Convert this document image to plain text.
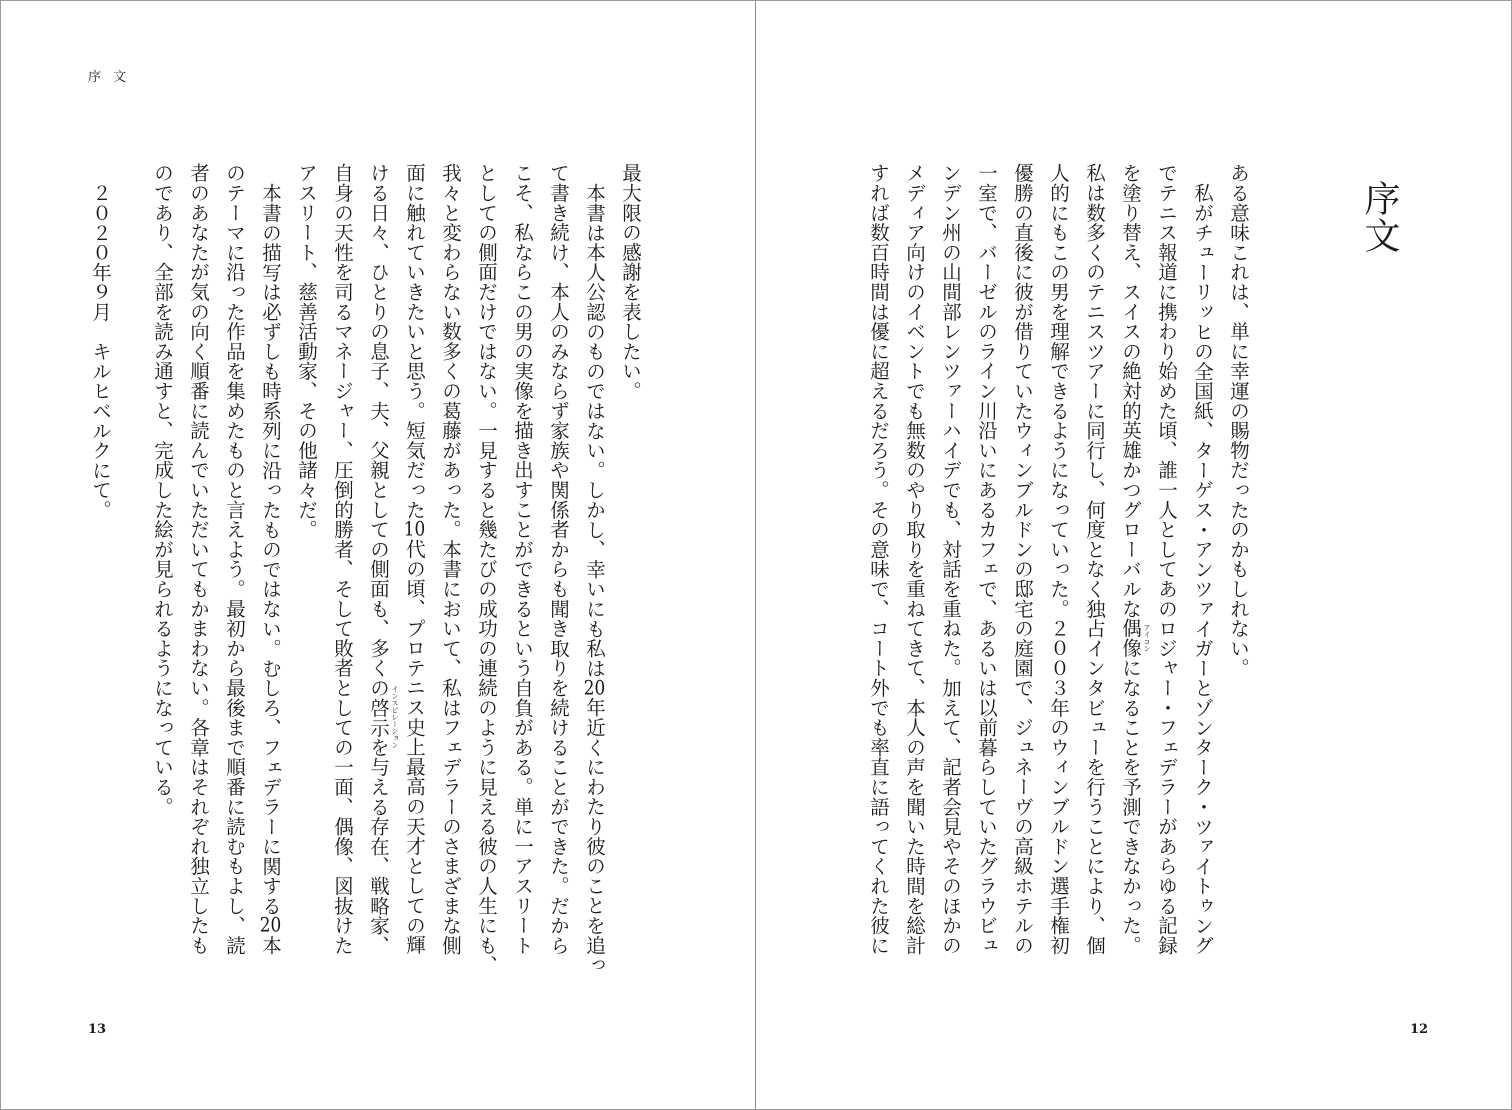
序 文
最大限の感謝を表したい。
本書は本人公認のものではない。しかし、幸いにも私は20年近くにわたり彼のことを追っ
て書き続け、本人のみならず家族や関係者からも聞き取りを続けることができた。だから
こそ、私ならこの男の実像を描き出すことができるという自負がある。単に一アスリート
としての側面だけではない。一見すると幾たびの成功の連続のように見える彼の人生にも、
我々と変わらない数多くの葛藤があった。本書において、私はフェデラーのさまざまな側
面に触れていきたいと思う。短気だった10代の頃、プロテニス史上最高の天才としての輝
ける日々、ひとりの息子、夫、父親としての側面も、多くの啓示 インスピレーション
を与える存在、戦略家、
自身の天性を司るマネージャー、圧倒的勝者、そして敗者としての一面、偶像、図抜けた
アスリート、慈善活動家、その他諸々だ。
本書の描写は必ずしも時系列に沿ったものではない。むしろ、フェデラーに関する20本
のテーマに沿った作品を集めたものと言えよう。最初から最後まで順番に読むもよし、読
者のあなたが気の向く順番に読んでいただいてもかまわない。各章はそれぞれ独立したも
のであり、全部を読み通すと、完成した絵が見られるようになっている。
２０２０年９月　キルヒベルクにて。
13
序文
ある意味これは、単に幸運の賜物だったのかもしれない。
私がチューリッヒの全国紙、ターゲス・アンツァイガーとゾンターク・ツァイトゥング
でテニス報道に携わり始めた頃、誰一人としてあのロジャー・フェデラーがあらゆる記録
を塗り替え、スイスの絶対的英雄かつグローバルな偶像 アイコン
になることを予測できなかった。
私は数多くのテニスツアーに同行し、何度となく独占インタビューを行うことにより、個
人的にもこの男を理解できるようになっていった。２００３年のウィンブルドン選手権初
優勝の直後に彼が借りていたウィンブルドンの邸宅の庭園で、ジュネーヴの高級ホテルの
一室で、バーゼルのライン川沿いにあるカフェで、あるいは以前暮らしていたグラウビュ
ンデン州の山間部レンツァーハイデでも、対話を重ねた。加えて、記者会見やそのほかの
メディア向けのイベントでも無数のやり取りを重ねてきて、本人の声を聞いた時間を総計
すれば数百時間は優に超えるだろう。その意味で、コート外でも率直に語ってくれた彼に
12
